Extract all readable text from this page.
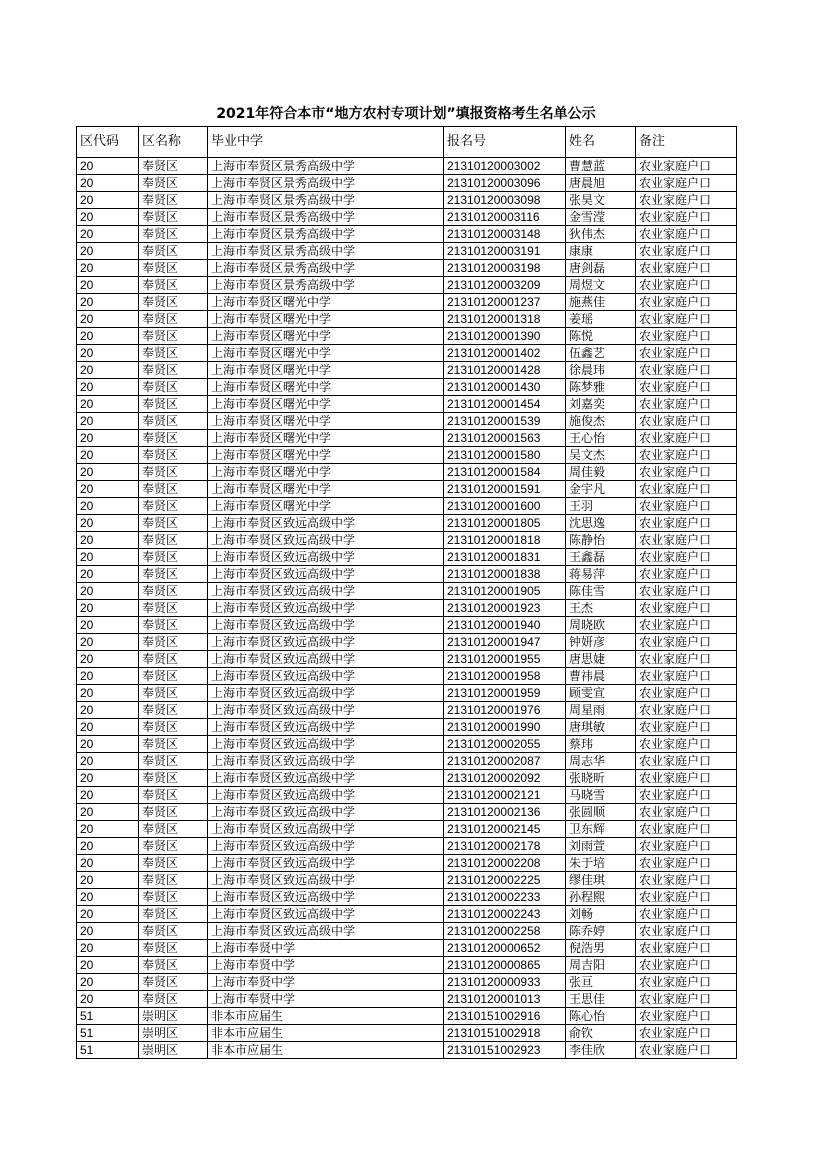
2021年符合本市“地方农村专项计划”填报资格考生名单公示
区代码	区名称	毕业中学	报名号	姓名	备注
20	奉贤区	上海市奉贤区景秀高级中学	21310120003002	曹慧蓝	农业家庭户口
20	奉贤区	上海市奉贤区景秀高级中学	21310120003096	唐晨旭	农业家庭户口
20	奉贤区	上海市奉贤区景秀高级中学	21310120003098	张昊文	农业家庭户口
20	奉贤区	上海市奉贤区景秀高级中学	21310120003116	金雪滢	农业家庭户口
20	奉贤区	上海市奉贤区景秀高级中学	21310120003148	狄伟杰	农业家庭户口
20	奉贤区	上海市奉贤区景秀高级中学	21310120003191	康康	农业家庭户口
20	奉贤区	上海市奉贤区景秀高级中学	21310120003198	唐剑磊	农业家庭户口
20	奉贤区	上海市奉贤区景秀高级中学	21310120003209	周煜文	农业家庭户口
20	奉贤区	上海市奉贤区曙光中学	21310120001237	施燕佳	农业家庭户口
20	奉贤区	上海市奉贤区曙光中学	21310120001318	姜瑶	农业家庭户口
20	奉贤区	上海市奉贤区曙光中学	21310120001390	陈悦	农业家庭户口
20	奉贤区	上海市奉贤区曙光中学	21310120001402	伍鑫艺	农业家庭户口
20	奉贤区	上海市奉贤区曙光中学	21310120001428	徐晨玮	农业家庭户口
20	奉贤区	上海市奉贤区曙光中学	21310120001430	陈梦雅	农业家庭户口
20	奉贤区	上海市奉贤区曙光中学	21310120001454	刘嘉奕	农业家庭户口
20	奉贤区	上海市奉贤区曙光中学	21310120001539	施俊杰	农业家庭户口
20	奉贤区	上海市奉贤区曙光中学	21310120001563	王心怡	农业家庭户口
20	奉贤区	上海市奉贤区曙光中学	21310120001580	吴文杰	农业家庭户口
20	奉贤区	上海市奉贤区曙光中学	21310120001584	周佳毅	农业家庭户口
20	奉贤区	上海市奉贤区曙光中学	21310120001591	金宇凡	农业家庭户口
20	奉贤区	上海市奉贤区曙光中学	21310120001600	王羽	农业家庭户口
20	奉贤区	上海市奉贤区致远高级中学	21310120001805	沈思逸	农业家庭户口
20	奉贤区	上海市奉贤区致远高级中学	21310120001818	陈静怡	农业家庭户口
20	奉贤区	上海市奉贤区致远高级中学	21310120001831	王鑫磊	农业家庭户口
20	奉贤区	上海市奉贤区致远高级中学	21310120001838	蒋易萍	农业家庭户口
20	奉贤区	上海市奉贤区致远高级中学	21310120001905	陈佳雪	农业家庭户口
20	奉贤区	上海市奉贤区致远高级中学	21310120001923	王杰	农业家庭户口
20	奉贤区	上海市奉贤区致远高级中学	21310120001940	周晓欧	农业家庭户口
20	奉贤区	上海市奉贤区致远高级中学	21310120001947	钟妍彦	农业家庭户口
20	奉贤区	上海市奉贤区致远高级中学	21310120001955	唐思婕	农业家庭户口
20	奉贤区	上海市奉贤区致远高级中学	21310120001958	曹祎晨	农业家庭户口
20	奉贤区	上海市奉贤区致远高级中学	21310120001959	顾雯宣	农业家庭户口
20	奉贤区	上海市奉贤区致远高级中学	21310120001976	周星雨	农业家庭户口
20	奉贤区	上海市奉贤区致远高级中学	21310120001990	唐琪敏	农业家庭户口
20	奉贤区	上海市奉贤区致远高级中学	21310120002055	蔡玮	农业家庭户口
20	奉贤区	上海市奉贤区致远高级中学	21310120002087	周志华	农业家庭户口
20	奉贤区	上海市奉贤区致远高级中学	21310120002092	张晓昕	农业家庭户口
20	奉贤区	上海市奉贤区致远高级中学	21310120002121	马晓雪	农业家庭户口
20	奉贤区	上海市奉贤区致远高级中学	21310120002136	张圆顺	农业家庭户口
20	奉贤区	上海市奉贤区致远高级中学	21310120002145	卫东辉	农业家庭户口
20	奉贤区	上海市奉贤区致远高级中学	21310120002178	刘雨萱	农业家庭户口
20	奉贤区	上海市奉贤区致远高级中学	21310120002208	朱于培	农业家庭户口
20	奉贤区	上海市奉贤区致远高级中学	21310120002225	缪佳琪	农业家庭户口
20	奉贤区	上海市奉贤区致远高级中学	21310120002233	孙程熙	农业家庭户口
20	奉贤区	上海市奉贤区致远高级中学	21310120002243	刘畅	农业家庭户口
20	奉贤区	上海市奉贤区致远高级中学	21310120002258	陈乔婷	农业家庭户口
20	奉贤区	上海市奉贤中学	21310120000652	倪浩男	农业家庭户口
20	奉贤区	上海市奉贤中学	21310120000865	周吉阳	农业家庭户口
20	奉贤区	上海市奉贤中学	21310120000933	张亘	农业家庭户口
20	奉贤区	上海市奉贤中学	21310120001013	王思佳	农业家庭户口
51	崇明区	非本市应届生	21310151002916	陈心怡	农业家庭户口
51	崇明区	非本市应届生	21310151002918	俞钦	农业家庭户口
51	崇明区	非本市应届生	21310151002923	李佳欣	农业家庭户口
